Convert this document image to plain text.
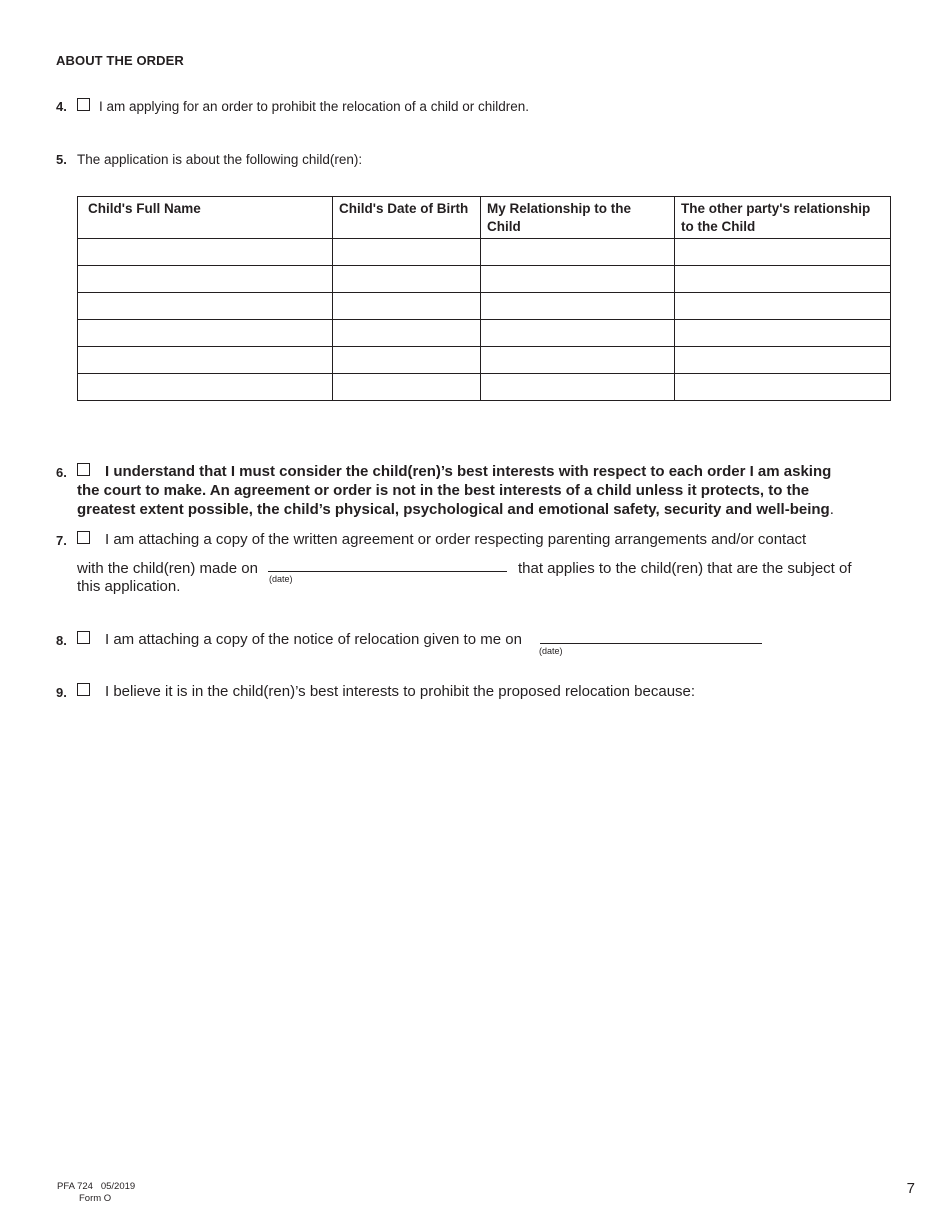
ABOUT THE ORDER
4. I am applying for an order to prohibit the relocation of a child or children.
5. The application is about the following child(ren):
Child's Full Name	Child's Date of Birth	My Relationship to the Child	The other party's relationship to the Child

6.	I understand that I must consider the child(ren)’s best interests with respect to each order I am asking
the court to make. An agreement or order is not in the best interests of a child unless it protects, to the
greatest extent possible, the child’s physical, psychological and emotional safety, security and well-being.
7.	I am attaching a copy of the written agreement or order respecting parenting arrangements and/or contact
with the child(ren) made on
(date)
that applies to the child(ren) that are the subject of
this application.
8.	I am attaching a copy of the notice of relocation given to me on
(date)
9.	I believe it is in the child(ren)’s best interests to prohibit the proposed relocation because:
PFA 724   05/2019
Form O
7
